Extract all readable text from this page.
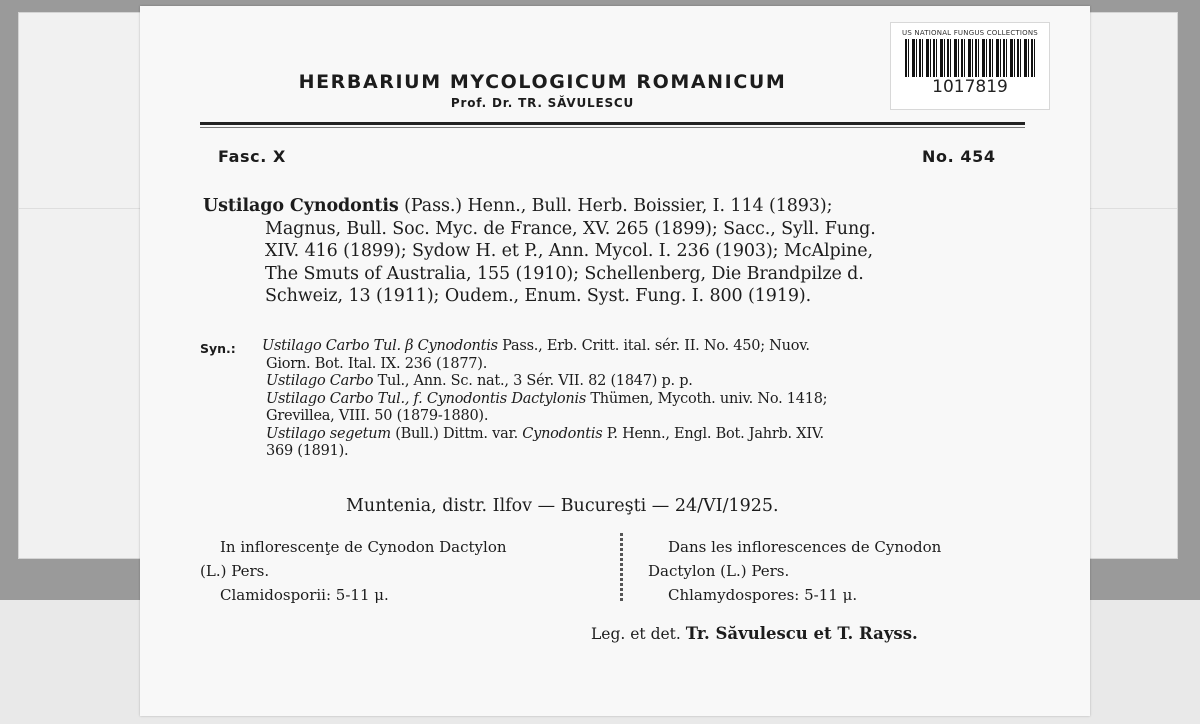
US NATIONAL FUNGUS COLLECTIONS
1017819
HERBARIUM MYCOLOGICUM ROMANICUM
Prof. Dr. TR. SĂVULESCU
Fasc. X	No. 454

Ustilago Cynodontis (Pass.) Henn., Bull. Herb. Boissier, I. 114 (1893);

Magnus, Bull. Soc. Myc. de France, XV. 265 (1899); Sacc., Syll. Fung.

XIV. 416 (1899); Sydow H. et P., Ann. Mycol. I. 236 (1903); McAlpine,

The Smuts of Australia, 155 (1910); Schellenberg, Die Brandpilze d.

Schweiz, 13 (1911); Oudem., Enum. Syst. Fung. I. 800 (1919).

Syn.: Ustilago Carbo Tul. β Cynodontis Pass., Erb. Critt. ital. sér. II. No. 450; Nuov.

Giorn. Bot. Ital. IX. 236 (1877).

Ustilago Carbo Tul., Ann. Sc. nat., 3 Sér. VII. 82 (1847) p. p.

Ustilago Carbo Tul., f. Cynodontis Dactylonis Thümen, Mycoth. univ. No. 1418;

Grevillea, VIII. 50 (1879-1880).

Ustilago segetum (Bull.) Dittm. var. Cynodontis P. Henn., Engl. Bot. Jahrb. XIV.

369 (1891).

Muntenia, distr. Ilfov — Bucureşti — 24/VI/1925.

In inflorescenţe de Cynodon Dactylon

(L.) Pers.

Clamidosporii: 5-11 μ.

Dans les inflorescences de Cynodon

Dactylon (L.) Pers.

Chlamydospores: 5-11 μ.

Leg. et det. Tr. Săvulescu et T. Rayss.
